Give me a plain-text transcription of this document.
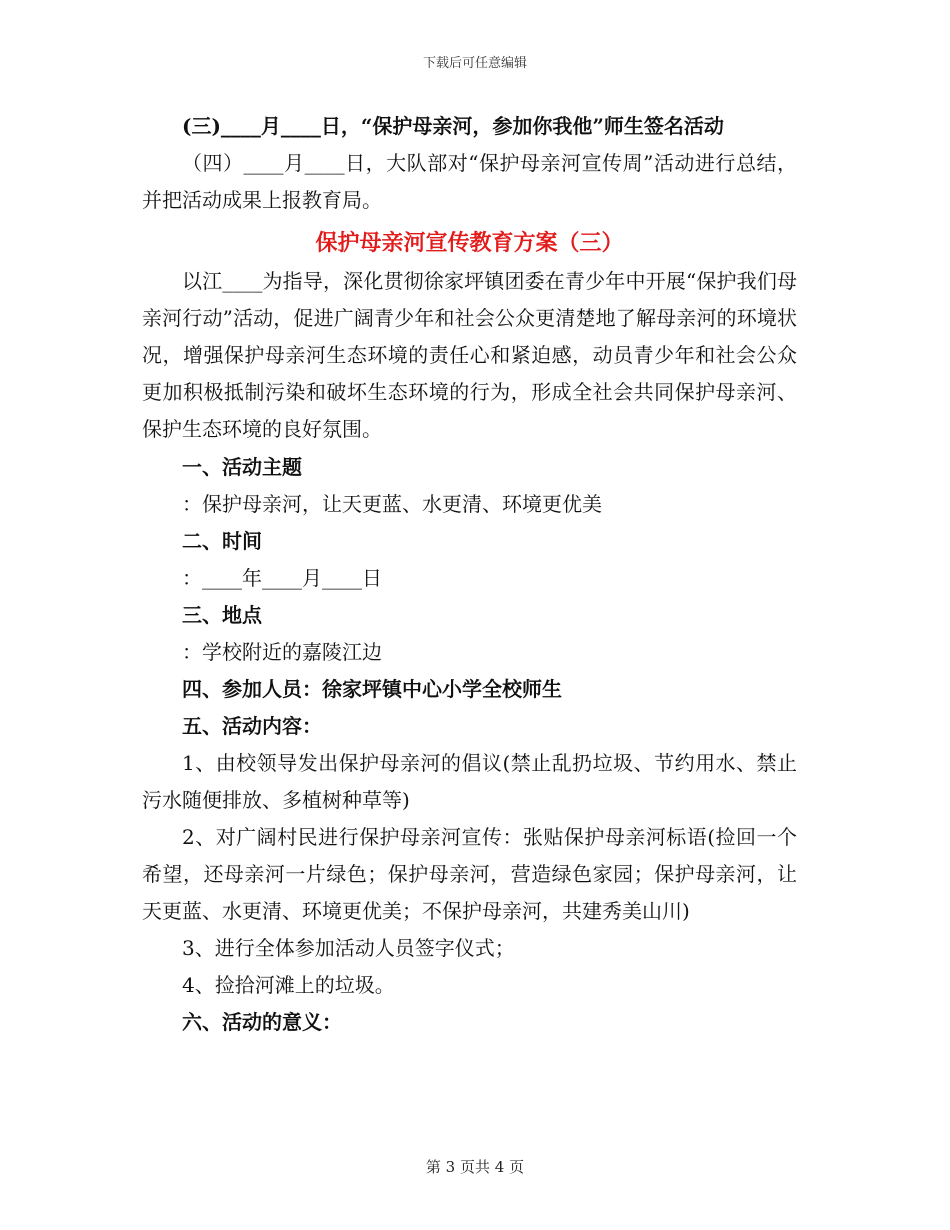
下载后可任意编辑

(三)____月____日，“保护母亲河，参加你我他”师生签名活动

（四）____月____日，大队部对“保护母亲河宣传周”活动进行总结，并把活动成果上报教育局。

保护母亲河宣传教育方案（三）

以江____为指导，深化贯彻徐家坪镇团委在青少年中开展“保护我们母亲河行动”活动，促进广阔青少年和社会公众更清楚地了解母亲河的环境状况，增强保护母亲河生态环境的责任心和紧迫感，动员青少年和社会公众更加积极抵制污染和破坏生态环境的行为，形成全社会共同保护母亲河、保护生态环境的良好氛围。

一、活动主题

：保护母亲河，让天更蓝、水更清、环境更优美

二、时间

：____年____月____日

三、地点

：学校附近的嘉陵江边

四、参加人员：徐家坪镇中心小学全校师生

五、活动内容：

1、由校领导发出保护母亲河的倡议(禁止乱扔垃圾、节约用水、禁止污水随便排放、多植树种草等)

2、对广阔村民进行保护母亲河宣传：张贴保护母亲河标语(捡回一个希望，还母亲河一片绿色；保护母亲河，营造绿色家园；保护母亲河，让天更蓝、水更清、环境更优美；不保护母亲河，共建秀美山川)

3、进行全体参加活动人员签字仪式；

4、捡拾河滩上的垃圾。

六、活动的意义：

第 3 页共 4 页
